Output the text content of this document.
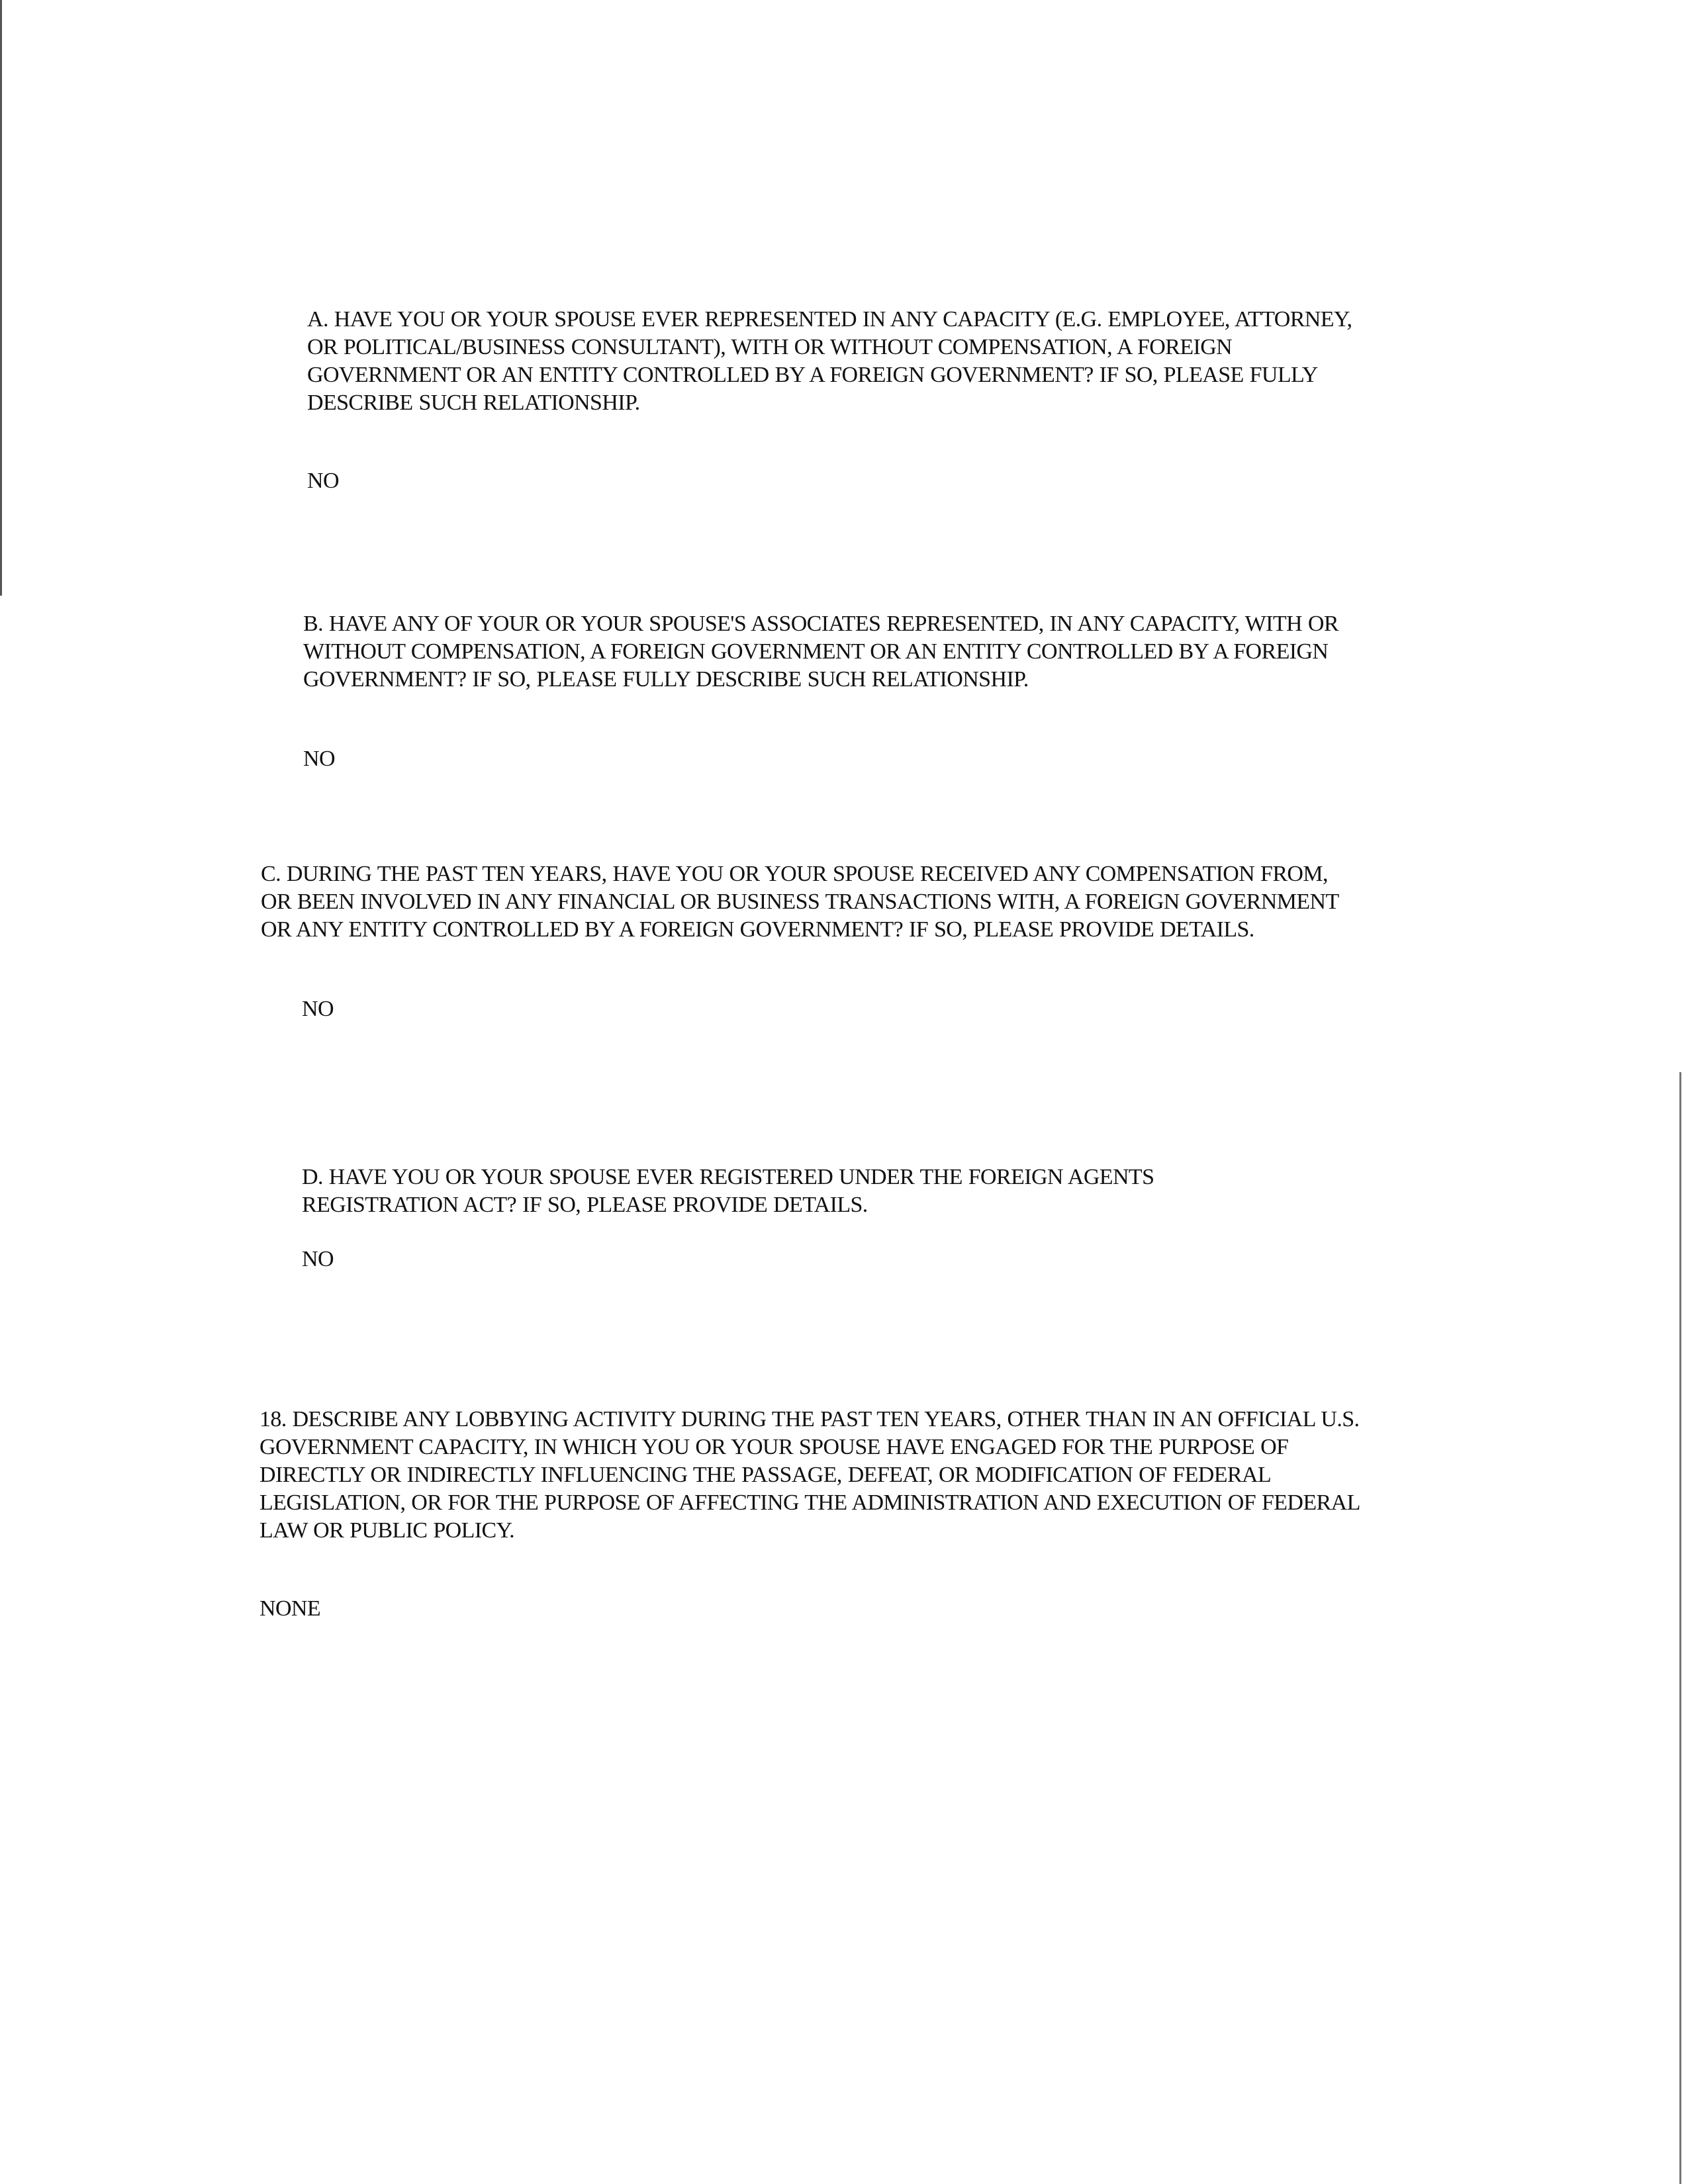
A. HAVE YOU OR YOUR SPOUSE EVER REPRESENTED IN ANY CAPACITY (E.G. EMPLOYEE, ATTORNEY, OR POLITICAL/BUSINESS CONSULTANT), WITH OR WITHOUT COMPENSATION, A FOREIGN GOVERNMENT OR AN ENTITY CONTROLLED BY A FOREIGN GOVERNMENT? IF SO, PLEASE FULLY DESCRIBE SUCH RELATIONSHIP.

NO

B. HAVE ANY OF YOUR OR YOUR SPOUSE'S ASSOCIATES REPRESENTED, IN ANY CAPACITY, WITH OR WITHOUT COMPENSATION, A FOREIGN GOVERNMENT OR AN ENTITY CONTROLLED BY A FOREIGN GOVERNMENT? IF SO, PLEASE FULLY DESCRIBE SUCH RELATIONSHIP.

NO

C. DURING THE PAST TEN YEARS, HAVE YOU OR YOUR SPOUSE RECEIVED ANY COMPENSATION FROM, OR BEEN INVOLVED IN ANY FINANCIAL OR BUSINESS TRANSACTIONS WITH, A FOREIGN GOVERNMENT OR ANY ENTITY CONTROLLED BY A FOREIGN GOVERNMENT? IF SO, PLEASE PROVIDE DETAILS.

NO

D. HAVE YOU OR YOUR SPOUSE EVER REGISTERED UNDER THE FOREIGN AGENTS REGISTRATION ACT? IF SO, PLEASE PROVIDE DETAILS.

NO

18. DESCRIBE ANY LOBBYING ACTIVITY DURING THE PAST TEN YEARS, OTHER THAN IN AN OFFICIAL U.S. GOVERNMENT CAPACITY, IN WHICH YOU OR YOUR SPOUSE HAVE ENGAGED FOR THE PURPOSE OF DIRECTLY OR INDIRECTLY INFLUENCING THE PASSAGE, DEFEAT, OR MODIFICATION OF FEDERAL LEGISLATION, OR FOR THE PURPOSE OF AFFECTING THE ADMINISTRATION AND EXECUTION OF FEDERAL LAW OR PUBLIC POLICY.

NONE
